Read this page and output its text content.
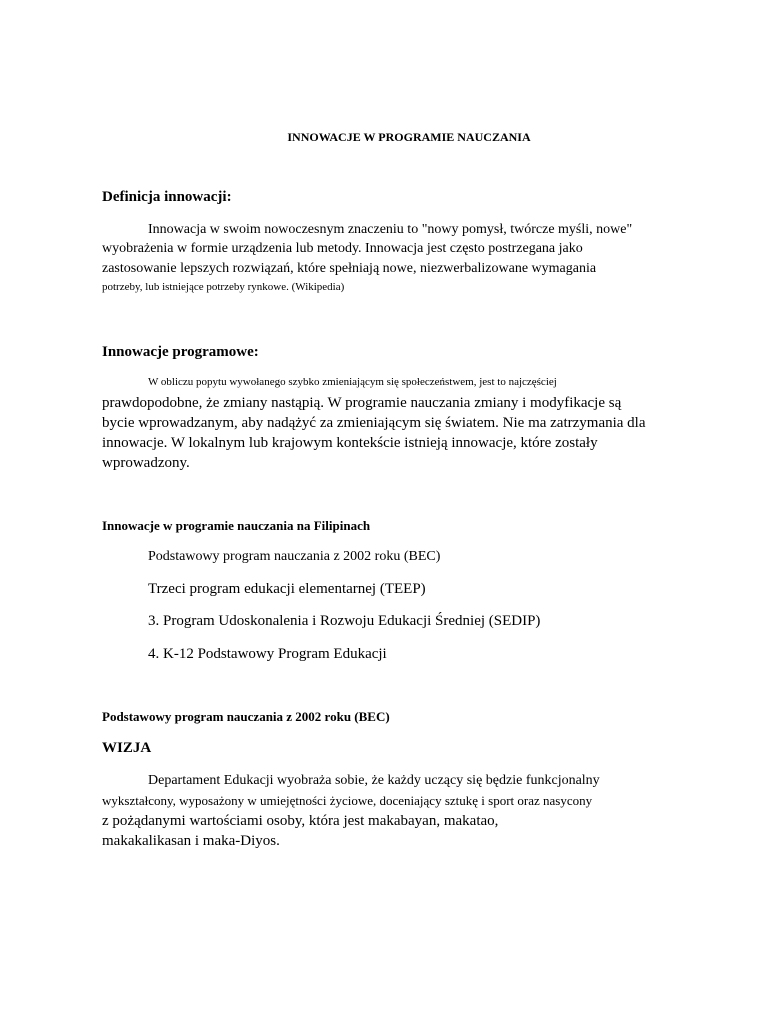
INNOWACJE W PROGRAMIE NAUCZANIA
Definicja innowacji:
Innowacja w swoim nowoczesnym znaczeniu to "nowy pomysł, twórcze myśli, nowe"
wyobrażenia w formie urządzenia lub metody. Innowacja jest często postrzegana jako
zastosowanie lepszych rozwiązań, które spełniają nowe, niezwerbalizowane wymagania
potrzeby, lub istniejące potrzeby rynkowe. (Wikipedia)
Innowacje programowe:
W obliczu popytu wywołanego szybko zmieniającym się społeczeństwem, jest to najczęściej
prawdopodobne, że zmiany nastąpią. W programie nauczania zmiany i modyfikacje są
bycie wprowadzanym, aby nadążyć za zmieniającym się światem. Nie ma zatrzymania dla
innowacje. W lokalnym lub krajowym kontekście istnieją innowacje, które zostały
wprowadzony.
Innowacje w programie nauczania na Filipinach
Podstawowy program nauczania z 2002 roku (BEC)
Trzeci program edukacji elementarnej (TEEP)
3. Program Udoskonalenia i Rozwoju Edukacji Średniej (SEDIP)
4. K-12 Podstawowy Program Edukacji
Podstawowy program nauczania z 2002 roku (BEC)
WIZJA
Departament Edukacji wyobraża sobie, że każdy uczący się będzie funkcjonalny
wykształcony, wyposażony w umiejętności życiowe, doceniający sztukę i sport oraz nasycony
z pożądanymi wartościami osoby, która jest makabayan, makatao,
makakalikasan i maka-Diyos.
